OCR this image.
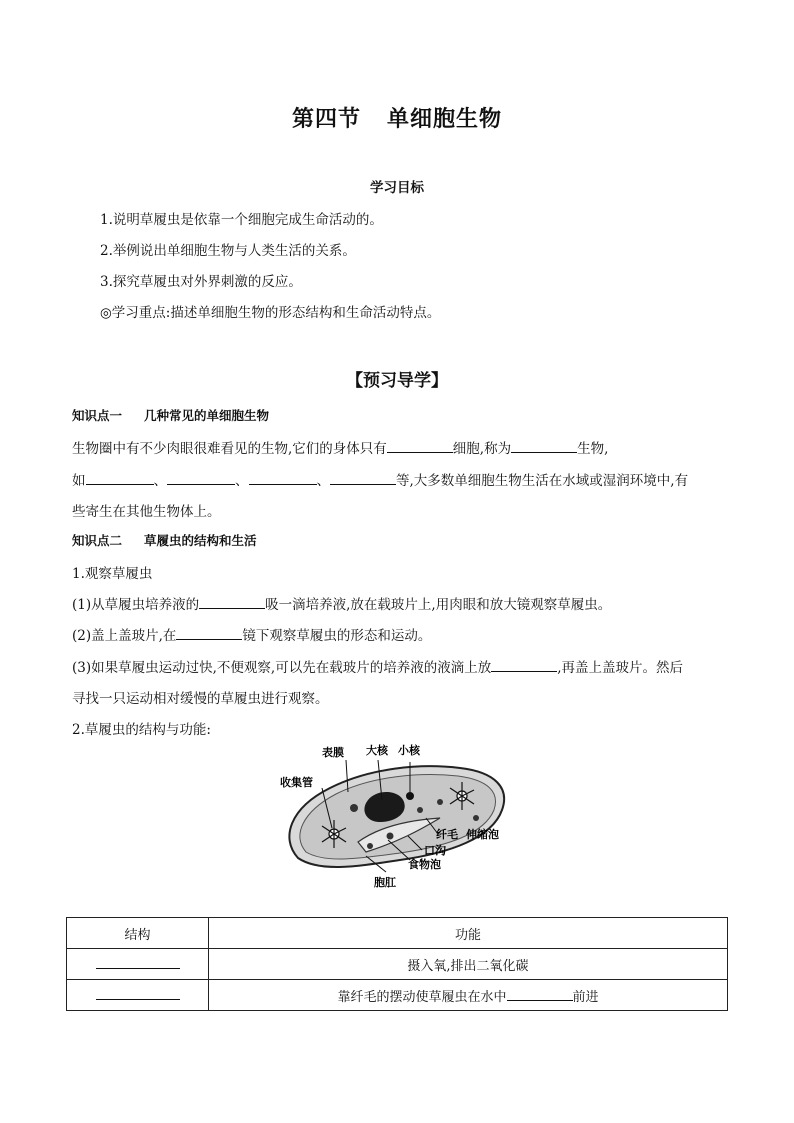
第四节 单细胞生物
学习目标
1.说明草履虫是依靠一个细胞完成生命活动的。
2.举例说出单细胞生物与人类生活的关系。
3.探究草履虫对外界刺激的反应。
◎学习重点:描述单细胞生物的形态结构和生命活动特点。
【预习导学】
知识点一 几种常见的单细胞生物
生物圈中有不少肉眼很难看见的生物,它们的身体只有	细胞,称为	生物,
如	、	、	、	等,大多数单细胞生物生活在水域或湿润环境中,有
些寄生在其他生物体上。
知识点二 草履虫的结构和生活
1.观察草履虫
(1)从草履虫培养液的	吸一滴培养液,放在载玻片上,用肉眼和放大镜观察草履虫。
(2)盖上盖玻片,在	镜下观察草履虫的形态和运动。
(3)如果草履虫运动过快,不便观察,可以先在载玻片的培养液的液滴上放	,再盖上盖玻片。然后
寻找一只运动相对缓慢的草履虫进行观察。
2.草履虫的结构与功能:
表膜 大核 小核
收集管
纤毛 伸缩泡
口沟
食物泡
胞肛
结构	功能
	摄入氧,排出二氧化碳
	靠纤毛的摆动使草履虫在水中 前进
